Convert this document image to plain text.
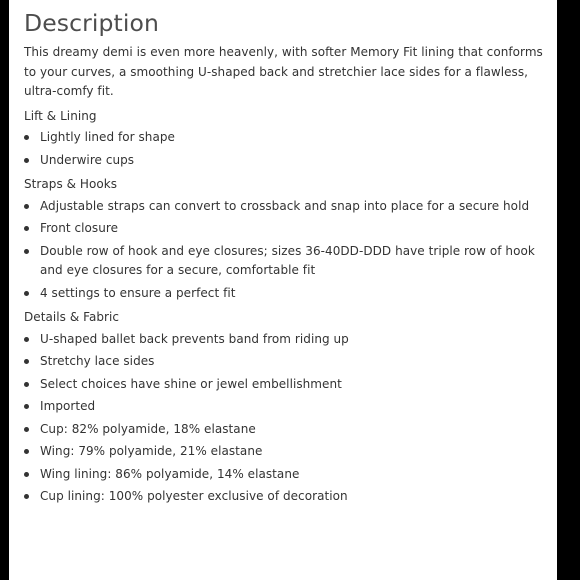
Description

This dreamy demi is even more heavenly, with softer Memory Fit lining that conforms to your curves, a smoothing U-shaped back and stretchier lace sides for a flawless, ultra-comfy fit.

Lift & Lining
Lightly lined for shape
Underwire cups
Straps & Hooks
Adjustable straps can convert to crossback and snap into place for a secure hold
Front closure
Double row of hook and eye closures; sizes 36-40DD-DDD have triple row of hook and eye closures for a secure, comfortable fit
4 settings to ensure a perfect fit
Details & Fabric
U-shaped ballet back prevents band from riding up
Stretchy lace sides
Select choices have shine or jewel embellishment
Imported
Cup: 82% polyamide, 18% elastane
Wing: 79% polyamide, 21% elastane
Wing lining: 86% polyamide, 14% elastane
Cup lining: 100% polyester exclusive of decoration
